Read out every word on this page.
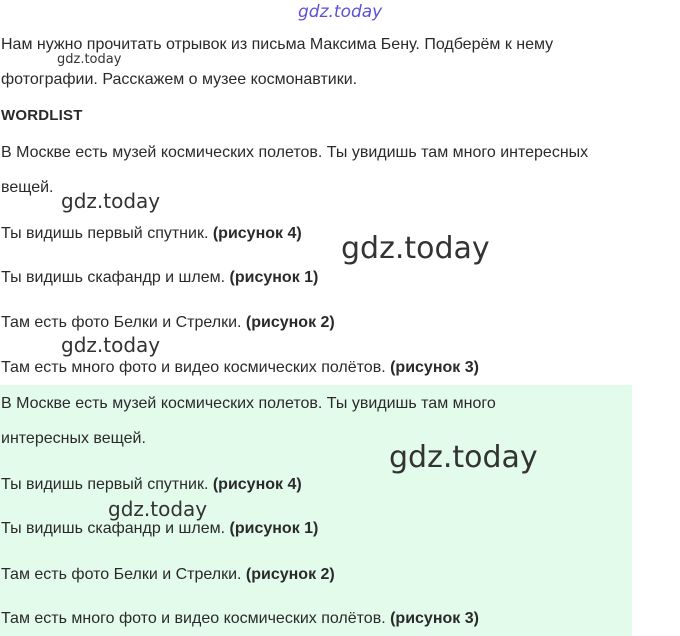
gdz.today
Нам нужно прочитать отрывок из письма Максима Бену. Подберём к нему
фотографии. Расскажем о музее космонавтики.
WORDLIST
В Москве есть музей космических полетов. Ты увидишь там много интересных
вещей.
Ты видишь первый спутник. (рисунок 4)
Ты видишь скафандр и шлем. (рисунок 1)
Там есть фото Белки и Стрелки. (рисунок 2)
Там есть много фото и видео космических полётов. (рисунок 3)
В Москве есть музей космических полетов. Ты увидишь там много
интересных вещей.
Ты видишь первый спутник. (рисунок 4)
Ты видишь скафандр и шлем. (рисунок 1)
Там есть фото Белки и Стрелки. (рисунок 2)
Там есть много фото и видео космических полётов. (рисунок 3)
gdz.today
gdz.today
gdz.today
gdz.today
gdz.today
gdz.today
